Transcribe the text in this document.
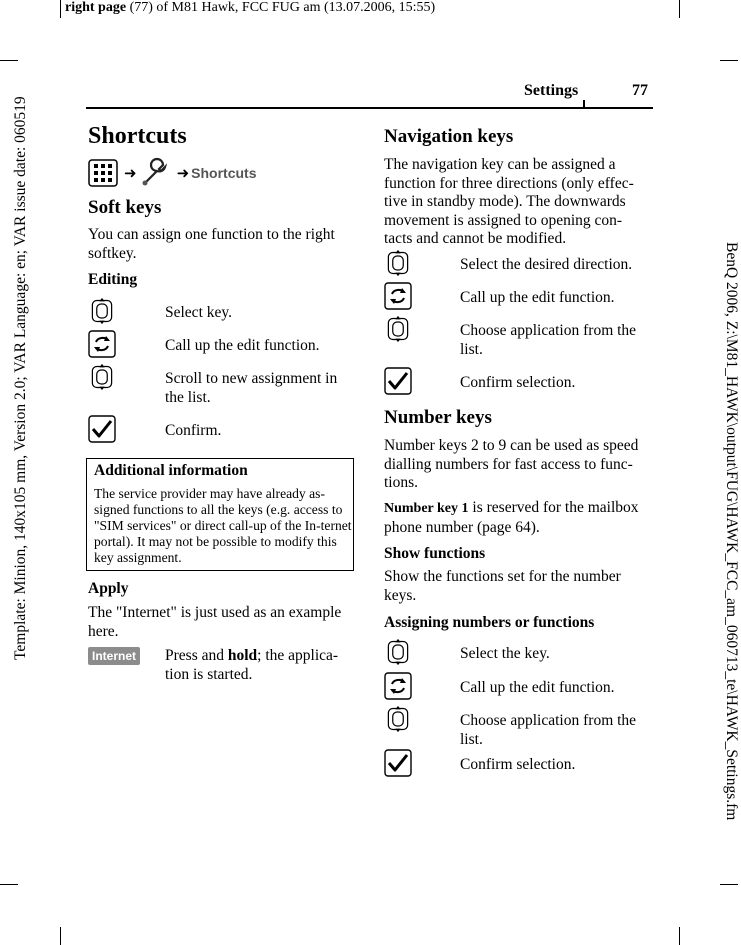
right page (77) of M81 Hawk, FCC FUG am (13.07.2006, 15:55)
Template: Minion, 140x105 mm, Version 2.0; VAR Language: en; VAR issue date: 060519	BenQ 2006, Z:\M81_HAWK\output\FUG\HAWK_FCC_am_060713_te\HAWK_Settings.fm
Settings	77
Shortcuts
➜	➜ Shortcuts
Soft keys

You can assign one function to the right softkey.

Editing

Select key.

Call up the edit function.

Scroll to new assignment in the list.

Confirm.

Additional information

The service provider may have already as-signed functions to all the keys (e.g. access to "SIM services" or direct call-up of the In-ternet portal). It may not be possible to modify this key assignment.

Apply

The "Internet" is just used as an example here.

Internet Press and hold; the applica-tion is started.

Navigation keys

The navigation key can be assigned a function for three directions (only effec-tive in standby mode). The downwards movement is assigned to opening con-tacts and cannot be modified.

Select the desired direction.

Call up the edit function.

Choose application from the list.

Confirm selection.

Number keys

Number keys 2 to 9 can be used as speed dialling numbers for fast access to func-tions.

Number key 1 is reserved for the mailbox phone number (page 64).

Show functions

Show the functions set for the number keys.

Assigning numbers or functions

Select the key.

Call up the edit function.

Choose application from the list.

Confirm selection.
